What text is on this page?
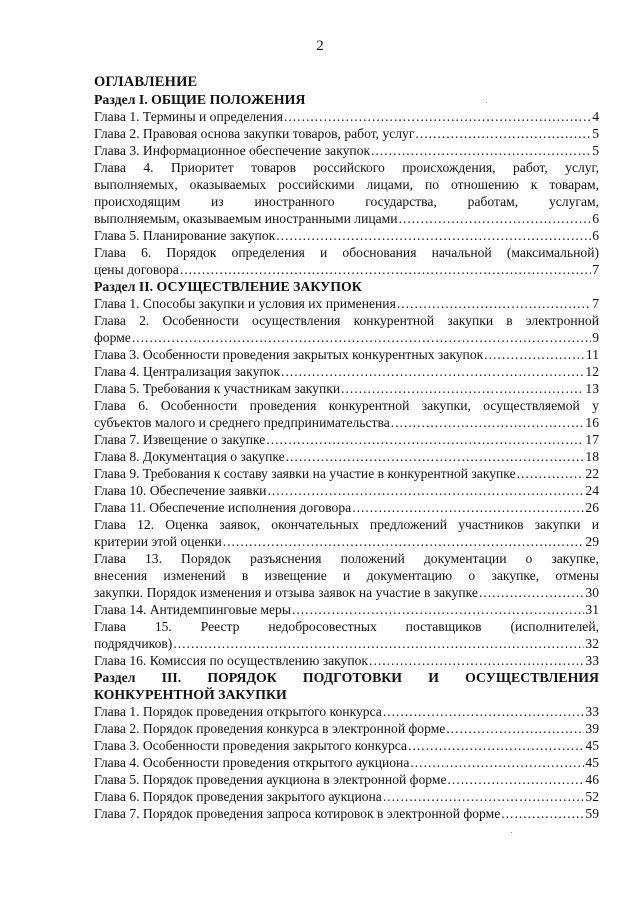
2
ОГЛАВЛЕНИЕ
Раздел I. ОБЩИЕ ПОЛОЖЕНИЯ
Глава 1. Термины и определения .....	4
Глава 2. Правовая основа закупки товаров, работ, услуг .....	5
Глава 3. Информационное обеспечение закупок .....	5
Глава 4. Приоритет товаров российского происхождения, работ, услуг,
выполняемых, оказываемых российскими лицами, по отношению к товарам,
происходящим из иностранного государства, работам, услугам,
выполняемым, оказываемым иностранными лицами .....	6
Глава 5. Планирование закупок .....	6
Глава 6. Порядок определения и обоснования начальной (максимальной)
цены договора .....	7
Раздел II. ОСУЩЕСТВЛЕНИЕ ЗАКУПОК
Глава 1. Способы закупки и условия их применения .....	7
Глава 2. Особенности осуществления конкурентной закупки в электронной
форме .....	9
Глава 3. Особенности проведения закрытых конкурентных закупок .....	11
Глава 4. Централизация закупок .....	12
Глава 5. Требования к участникам закупки .....	13
Глава 6. Особенности проведения конкурентной закупки, осуществляемой у
субъектов малого и среднего предпринимательства .....	16
Глава 7. Извещение о закупке .....	17
Глава 8. Документация о закупке .....	18
Глава 9. Требования к составу заявки на участие в конкурентной закупке .....	22
Глава 10. Обеспечение заявки .....	24
Глава 11. Обеспечение исполнения договора .....	26
Глава 12. Оценка заявок, окончательных предложений участников закупки и
критерии этой оценки .....	29
Глава 13. Порядок разъяснения положений документации о закупке,
внесения изменений в извещение и документацию о закупке, отмены
закупки. Порядок изменения и отзыва заявок на участие в закупке .....	30
Глава 14. Антидемпинговые меры .....	31
Глава 15. Реестр недобросовестных поставщиков (исполнителей,
подрядчиков) .....	32
Глава 16. Комиссия по осуществлению закупок .....	33
Раздел III. ПОРЯДОК ПОДГОТОВКИ И ОСУЩЕСТВЛЕНИЯ КОНКУРЕНТНОЙ ЗАКУПКИ
Глава 1. Порядок проведения открытого конкурса .....	33
Глава 2. Порядок проведения конкурса в электронной форме .....	39
Глава 3. Особенности проведения закрытого конкурса .....	45
Глава 4. Особенности проведения открытого аукциона .....	45
Глава 5. Порядок проведения аукциона в электронной форме .....	46
Глава 6. Порядок проведения закрытого аукциона .....	52
Глава 7. Порядок проведения запроса котировок в электронной форме .....	59
